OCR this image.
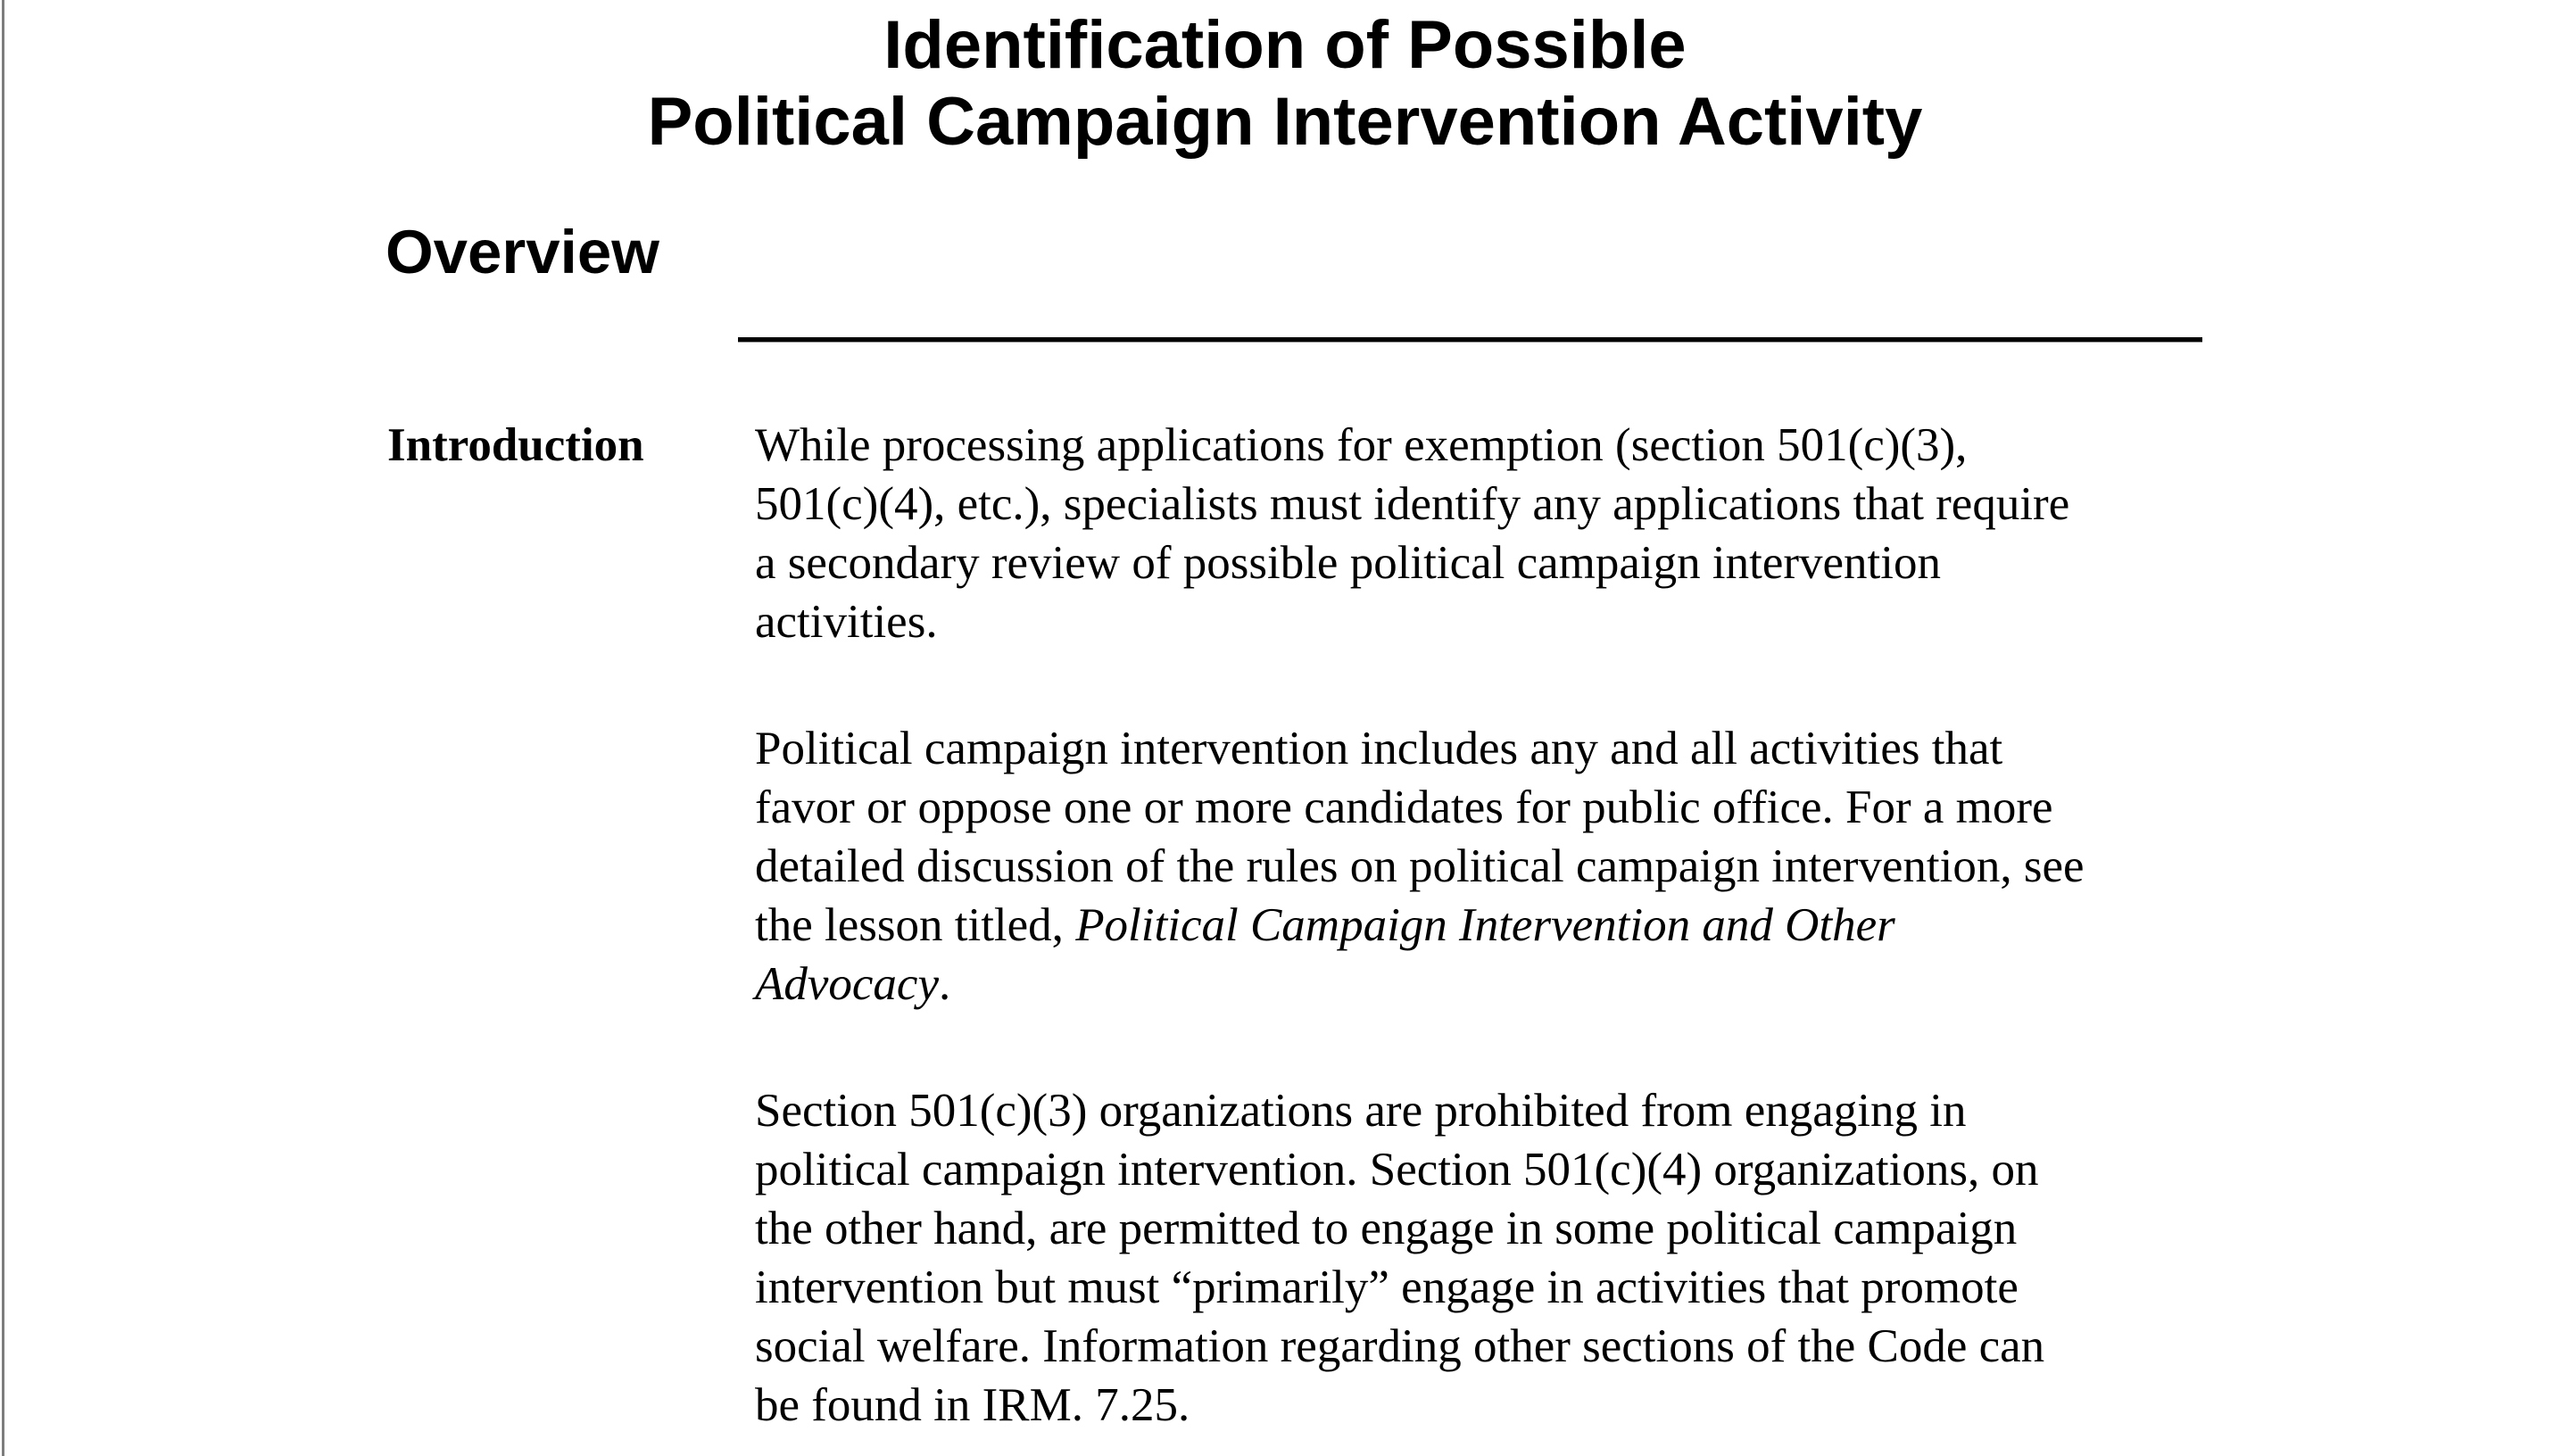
Identification of Possible
Political Campaign Intervention Activity
Overview
Introduction While processing applications for exemption (section 501(c)(3),
501(c)(4), etc.), specialists must identify any applications that require
a secondary review of possible political campaign intervention
activities.
Political campaign intervention includes any and all activities that
favor or oppose one or more candidates for public office. For a more
detailed discussion of the rules on political campaign intervention, see
the lesson titled, Political Campaign Intervention and Other
Advocacy.
Section 501(c)(3) organizations are prohibited from engaging in
political campaign intervention. Section 501(c)(4) organizations, on
the other hand, are permitted to engage in some political campaign
intervention but must “primarily” engage in activities that promote
social welfare. Information regarding other sections of the Code can
be found in IRM. 7.25.
